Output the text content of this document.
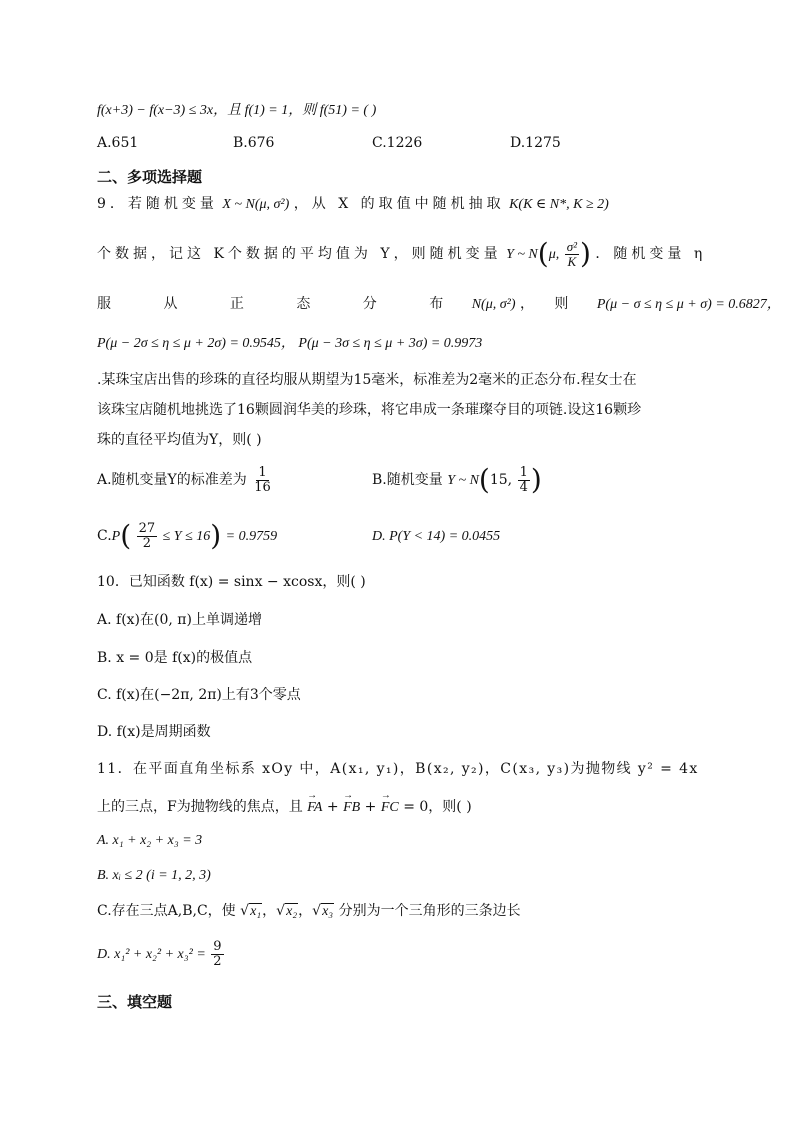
f(x+3) − f(x−3) ≤ 3x，且 f(1) = 1，则 f(51) = ( )
A.651	B.676	C.1226	D.1275
二、多项选择题
9．若随机变量 X ~ N(μ, σ²) ，从 X 的取值中随机抽取 K(K ∈ N*, K ≥ 2)
个数据，记这 K个数据的平均值为 Y，则随机变量 Y ~ N(μ, $\frac{\text{σ²}}{K}$ ) ．随机变量 η
服 从 正 态 分 布 N(μ, σ²) ， 则 P(μ − σ ≤ η ≤ μ + σ) = 0.6827，
P(μ − 2σ ≤ η ≤ μ + 2σ) = 0.9545， P(μ − 3σ ≤ η ≤ μ + 3σ) = 0.9973
.某珠宝店出售的珍珠的直径均服从期望为15毫米，标准差为2毫米的正态分布.程女士在
该珠宝店随机地挑选了16颗圆润华美的珍珠，将它串成一条璀璨夺目的项链.设这16颗珍
珠的直径平均值为Y，则( )
A.随机变量Y的标准差为 $\frac{1}{16}$	B.随机变量 Y ~ N(15, $\frac{1}{4}$ )
$C.P( \frac{27}{2} \le Y \le 16) = 0.9759$	D. P(Y < 14) = 0.0455
10．已知函数 f(x) = sinx − xcosx，则( )
A. f(x)在(0, π)上单调递增
B. x = 0是 f(x)的极值点
C. f(x)在(−2π, 2π)上有3个零点
D. f(x)是周期函数
11．在平面直角坐标系 xOy 中，A(x₁, y₁)，B(x₂, y₂)，C(x₃, y₃)为抛物线 y² = 4x
上的三点，F为抛物线的焦点，且 → FA + → FB + → FC = 0，则( )
A. x₁ + x₂ + x₃ = 3
B. xᵢ ≤ 2 (i = 1, 2, 3)
C.存在三点A,B,C，使 √x₁，√x₂，√x₃ 分别为一个三角形的三条边长
D. $x_1^2 + x_2^2 + x_3^2 = \frac{9}{2}$
三、填空题
